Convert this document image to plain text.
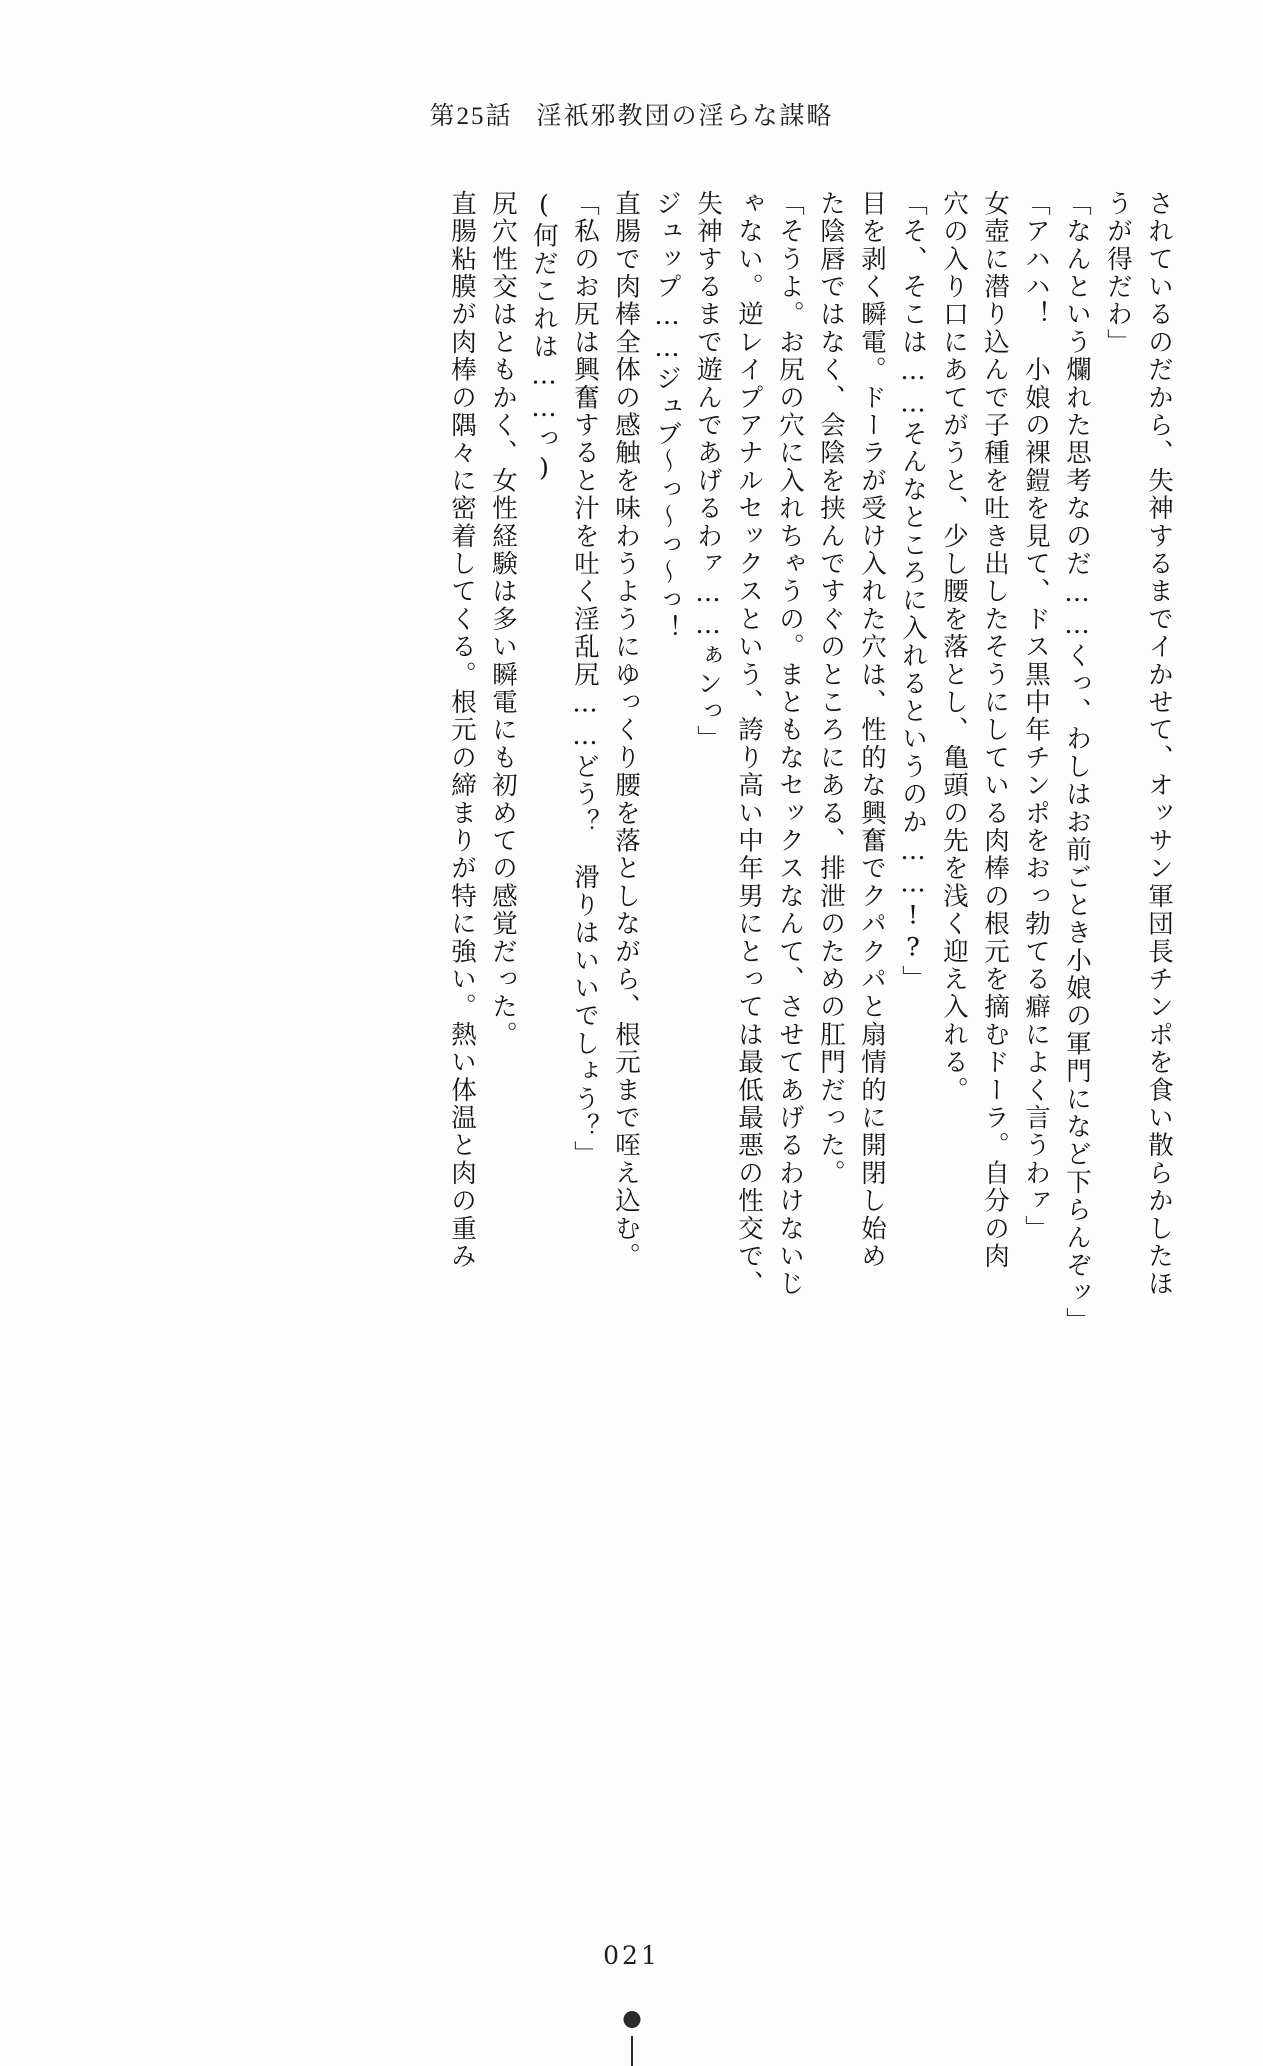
第25話 淫祇邪教団の淫らな謀略
されているのだから、失神するまでイかせて、オッサン軍団長チンポを食い散らかしたほ
うが得だわ」
「なんという爛れた思考なのだ……くっ、わしはお前ごとき小娘の軍門になど下らんぞッ」
「アハハ！　小娘の裸鎧を見て、ドス黒中年チンポをおっ勃てる癖によく言うわァ」
女壺に潜り込んで子種を吐き出したそうにしている肉棒の根元を摘むドーラ。自分の肉
穴の入り口にあてがうと、少し腰を落とし、亀頭の先を浅く迎え入れる。
「そ、そこは……そんなところに入れるというのか……!?」
目を剥く瞬電。ドーラが受け入れた穴は、性的な興奮でクパクパと扇情的に開閉し始め
た陰唇ではなく、会陰を挟んですぐのところにある、排泄のための肛門だった。
「そうよ。お尻の穴に入れちゃうの。まともなセックスなんて、させてあげるわけないじ
ゃない。逆レイプアナルセックスという、誇り高い中年男にとっては最低最悪の性交で、
失神するまで遊んであげるわァ……ぁンっ」
ジュップ……ジュブ～っ～っ～っ！
直腸で肉棒全体の感触を味わうようにゆっくり腰を落としながら、根元まで咥え込む。
「私のお尻は興奮すると汁を吐く淫乱尻……どう？　滑りはいいでしょう？」
(何だこれは……っ)
尻穴性交はともかく、女性経験は多い瞬電にも初めての感覚だった。
直腸粘膜が肉棒の隅々に密着してくる。根元の締まりが特に強い。熱い体温と肉の重み
021
